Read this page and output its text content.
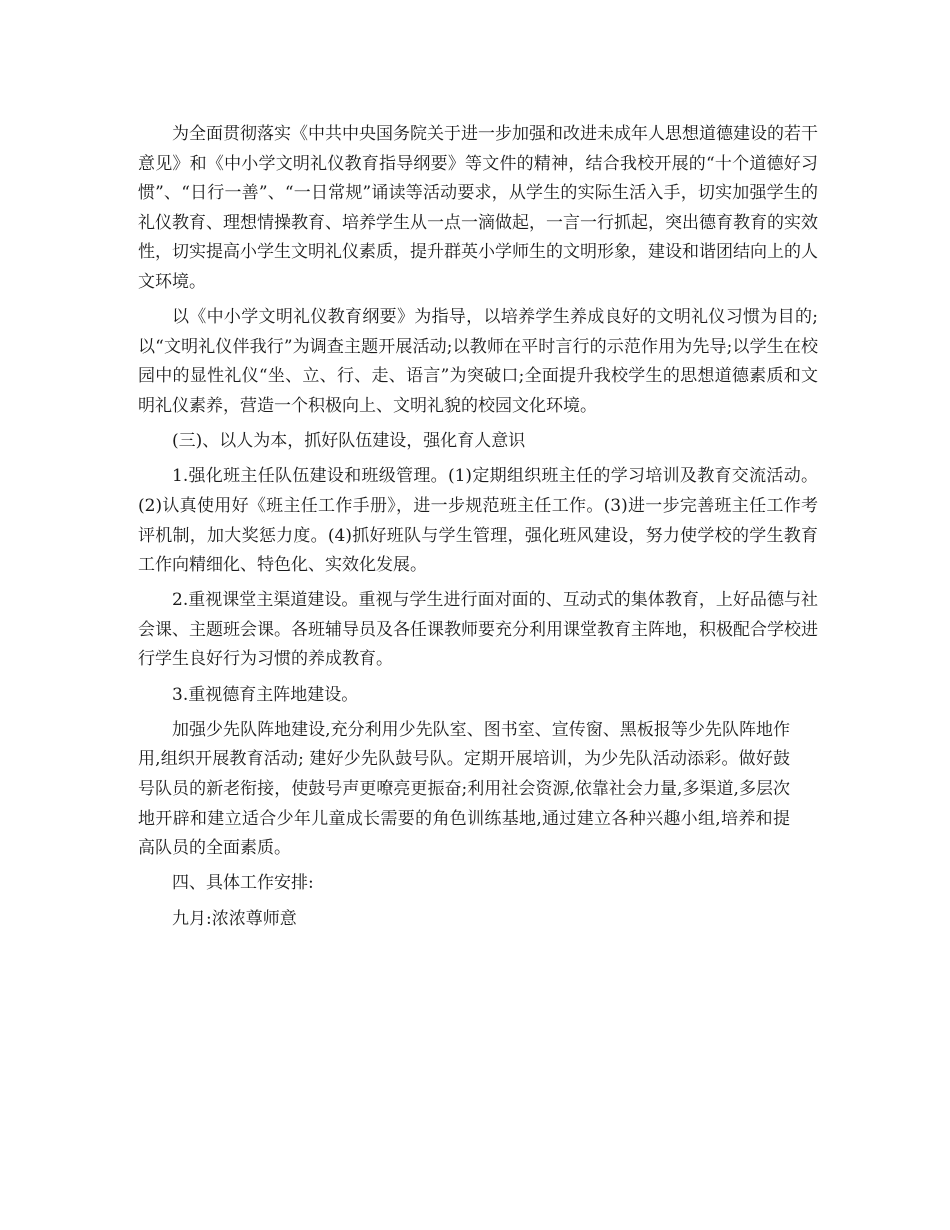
为全面贯彻落实《中共中央国务院关于进一步加强和改进未成年人思想道德建设的若干意见》和《中小学文明礼仪教育指导纲要》等文件的精神，结合我校开展的“十个道德好习惯”、“日行一善”、“一日常规”诵读等活动要求，从学生的实际生活入手，切实加强学生的礼仪教育、理想情操教育、培养学生从一点一滴做起，一言一行抓起，突出德育教育的实效性，切实提高小学生文明礼仪素质，提升群英小学师生的文明形象，建设和谐团结向上的人文环境。

以《中小学文明礼仪教育纲要》为指导，以培养学生养成良好的文明礼仪习惯为目的;以“文明礼仪伴我行”为调查主题开展活动;以教师在平时言行的示范作用为先导;以学生在校园中的显性礼仪“坐、立、行、走、语言”为突破口;全面提升我校学生的思想道德素质和文明礼仪素养，营造一个积极向上、文明礼貌的校园文化环境。

(三)、以人为本，抓好队伍建设，强化育人意识

1.强化班主任队伍建设和班级管理。(1)定期组织班主任的学习培训及教育交流活动。(2)认真使用好《班主任工作手册》，进一步规范班主任工作。(3)进一步完善班主任工作考评机制，加大奖惩力度。(4)抓好班队与学生管理，强化班风建设，努力使学校的学生教育工作向精细化、特色化、实效化发展。

2.重视课堂主渠道建设。重视与学生进行面对面的、互动式的集体教育，上好品德与社会课、主题班会课。各班辅导员及各任课教师要充分利用课堂教育主阵地，积极配合学校进行学生良好行为习惯的养成教育。

3.重视德育主阵地建设。

加强少先队阵地建设,充分利用少先队室、图书室、宣传窗、黑板报等少先队阵地作用,组织开展教育活动; 建好少先队鼓号队。定期开展培训，为少先队活动添彩。做好鼓号队员的新老衔接，使鼓号声更嘹亮更振奋;利用社会资源,依靠社会力量,多渠道,多层次地开辟和建立适合少年儿童成长需要的角色训练基地,通过建立各种兴趣小组,培养和提高队员的全面素质。

四、具体工作安排:

九月:浓浓尊师意
